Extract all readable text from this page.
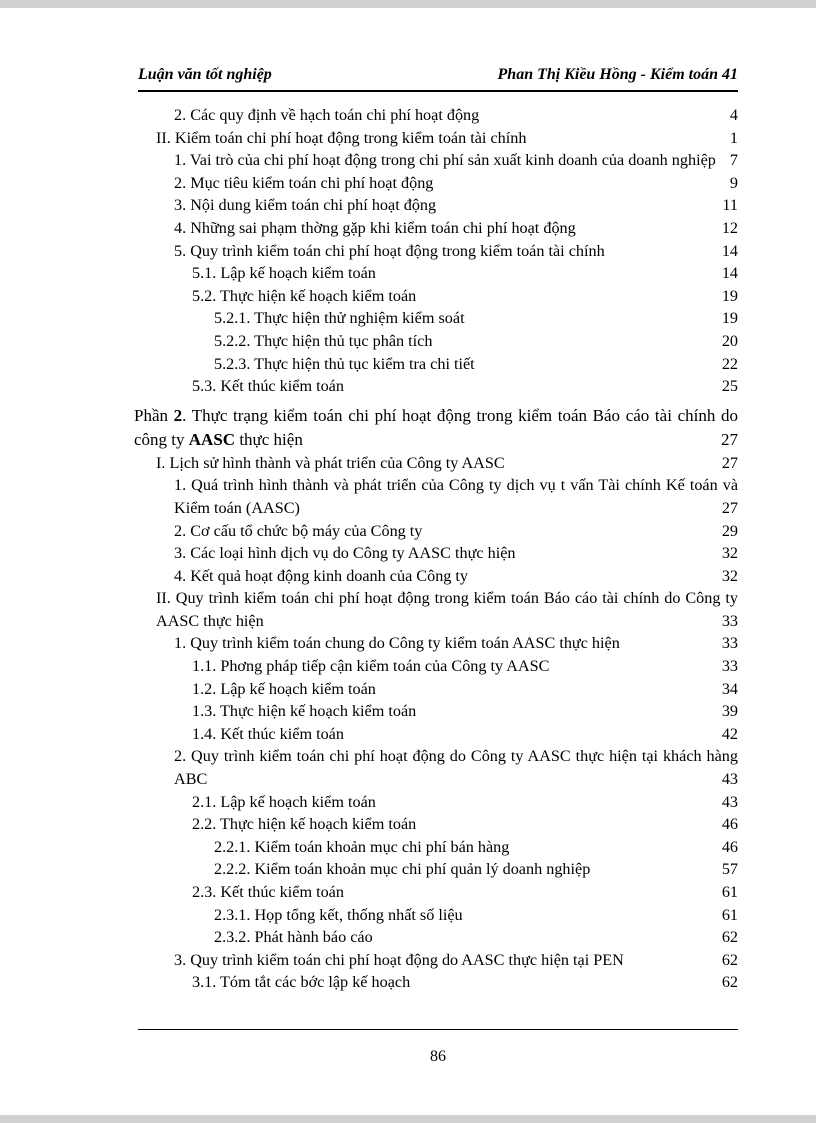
Luận văn tốt nghiệp	Phan Thị Kiều Hồng - Kiểm toán 41
2. Các quy định về hạch toán chi phí hoạt động	4
II. Kiểm toán chi phí hoạt động trong kiểm toán tài chính	1
1. Vai trò của chi phí hoạt động trong chi phí sản xuất kinh doanh của doanh nghiệp 7
2. Mục tiêu kiểm toán chi phí hoạt động	9
3. Nội dung kiểm toán chi phí hoạt động	11
4. Những sai phạm thờng gặp khi kiểm toán chi phí hoạt động	12
5. Quy trình kiểm toán chi phí hoạt động trong kiểm toán tài chính	14
5.1. Lập kế hoạch kiểm toán	14
5.2. Thực hiện kế hoạch kiểm toán	19
5.2.1. Thực hiện thử nghiệm kiểm soát	19
5.2.2. Thực hiện thủ tục phân tích	20
5.2.3. Thực hiện thủ tục kiểm tra chi tiết	22
5.3. Kết thúc kiểm toán	25
Phần 2. Thực trạng kiểm toán chi phí hoạt động trong kiểm toán Báo cáo tài chính do công ty AASC thực hiện	27
I. Lịch sử hình thành và phát triển của Công ty AASC	27
1. Quá trình hình thành và phát triển của Công ty dịch vụ t vấn Tài chính Kế toán và Kiểm toán (AASC)	27
2. Cơ cấu tổ chức bộ máy của Công ty	29
3. Các loại hình dịch vụ do Công ty AASC thực hiện	32
4. Kết quả hoạt động kinh doanh của Công ty	32
II. Quy trình kiểm toán chi phí hoạt động trong kiểm toán Báo cáo tài chính do Công ty AASC thực hiện	33
1. Quy trình kiểm toán chung do Công ty kiểm toán AASC thực hiện	33
1.1. Phơng pháp tiếp cận kiểm toán của Công ty AASC	33
1.2. Lập kế hoạch kiểm toán	34
1.3. Thực hiện kế hoạch kiểm toán	39
1.4. Kết thúc kiểm toán	42
2. Quy trình kiểm toán chi phí hoạt động do Công ty AASC thực hiện tại khách hàng ABC	43
2.1. Lập kế hoạch kiểm toán	43
2.2. Thực hiện kế hoạch kiểm toán	46
2.2.1. Kiểm toán khoản mục chi phí bán hàng	46
2.2.2. Kiểm toán khoản mục chi phí quản lý doanh nghiệp	57
2.3. Kết thúc kiểm toán	61
2.3.1. Họp tổng kết, thống nhất số liệu	61
2.3.2. Phát hành báo cáo	62
3. Quy trình kiểm toán chi phí hoạt động do AASC thực hiện tại PEN	62
3.1. Tóm tắt các bớc lập kế hoạch	62
86
